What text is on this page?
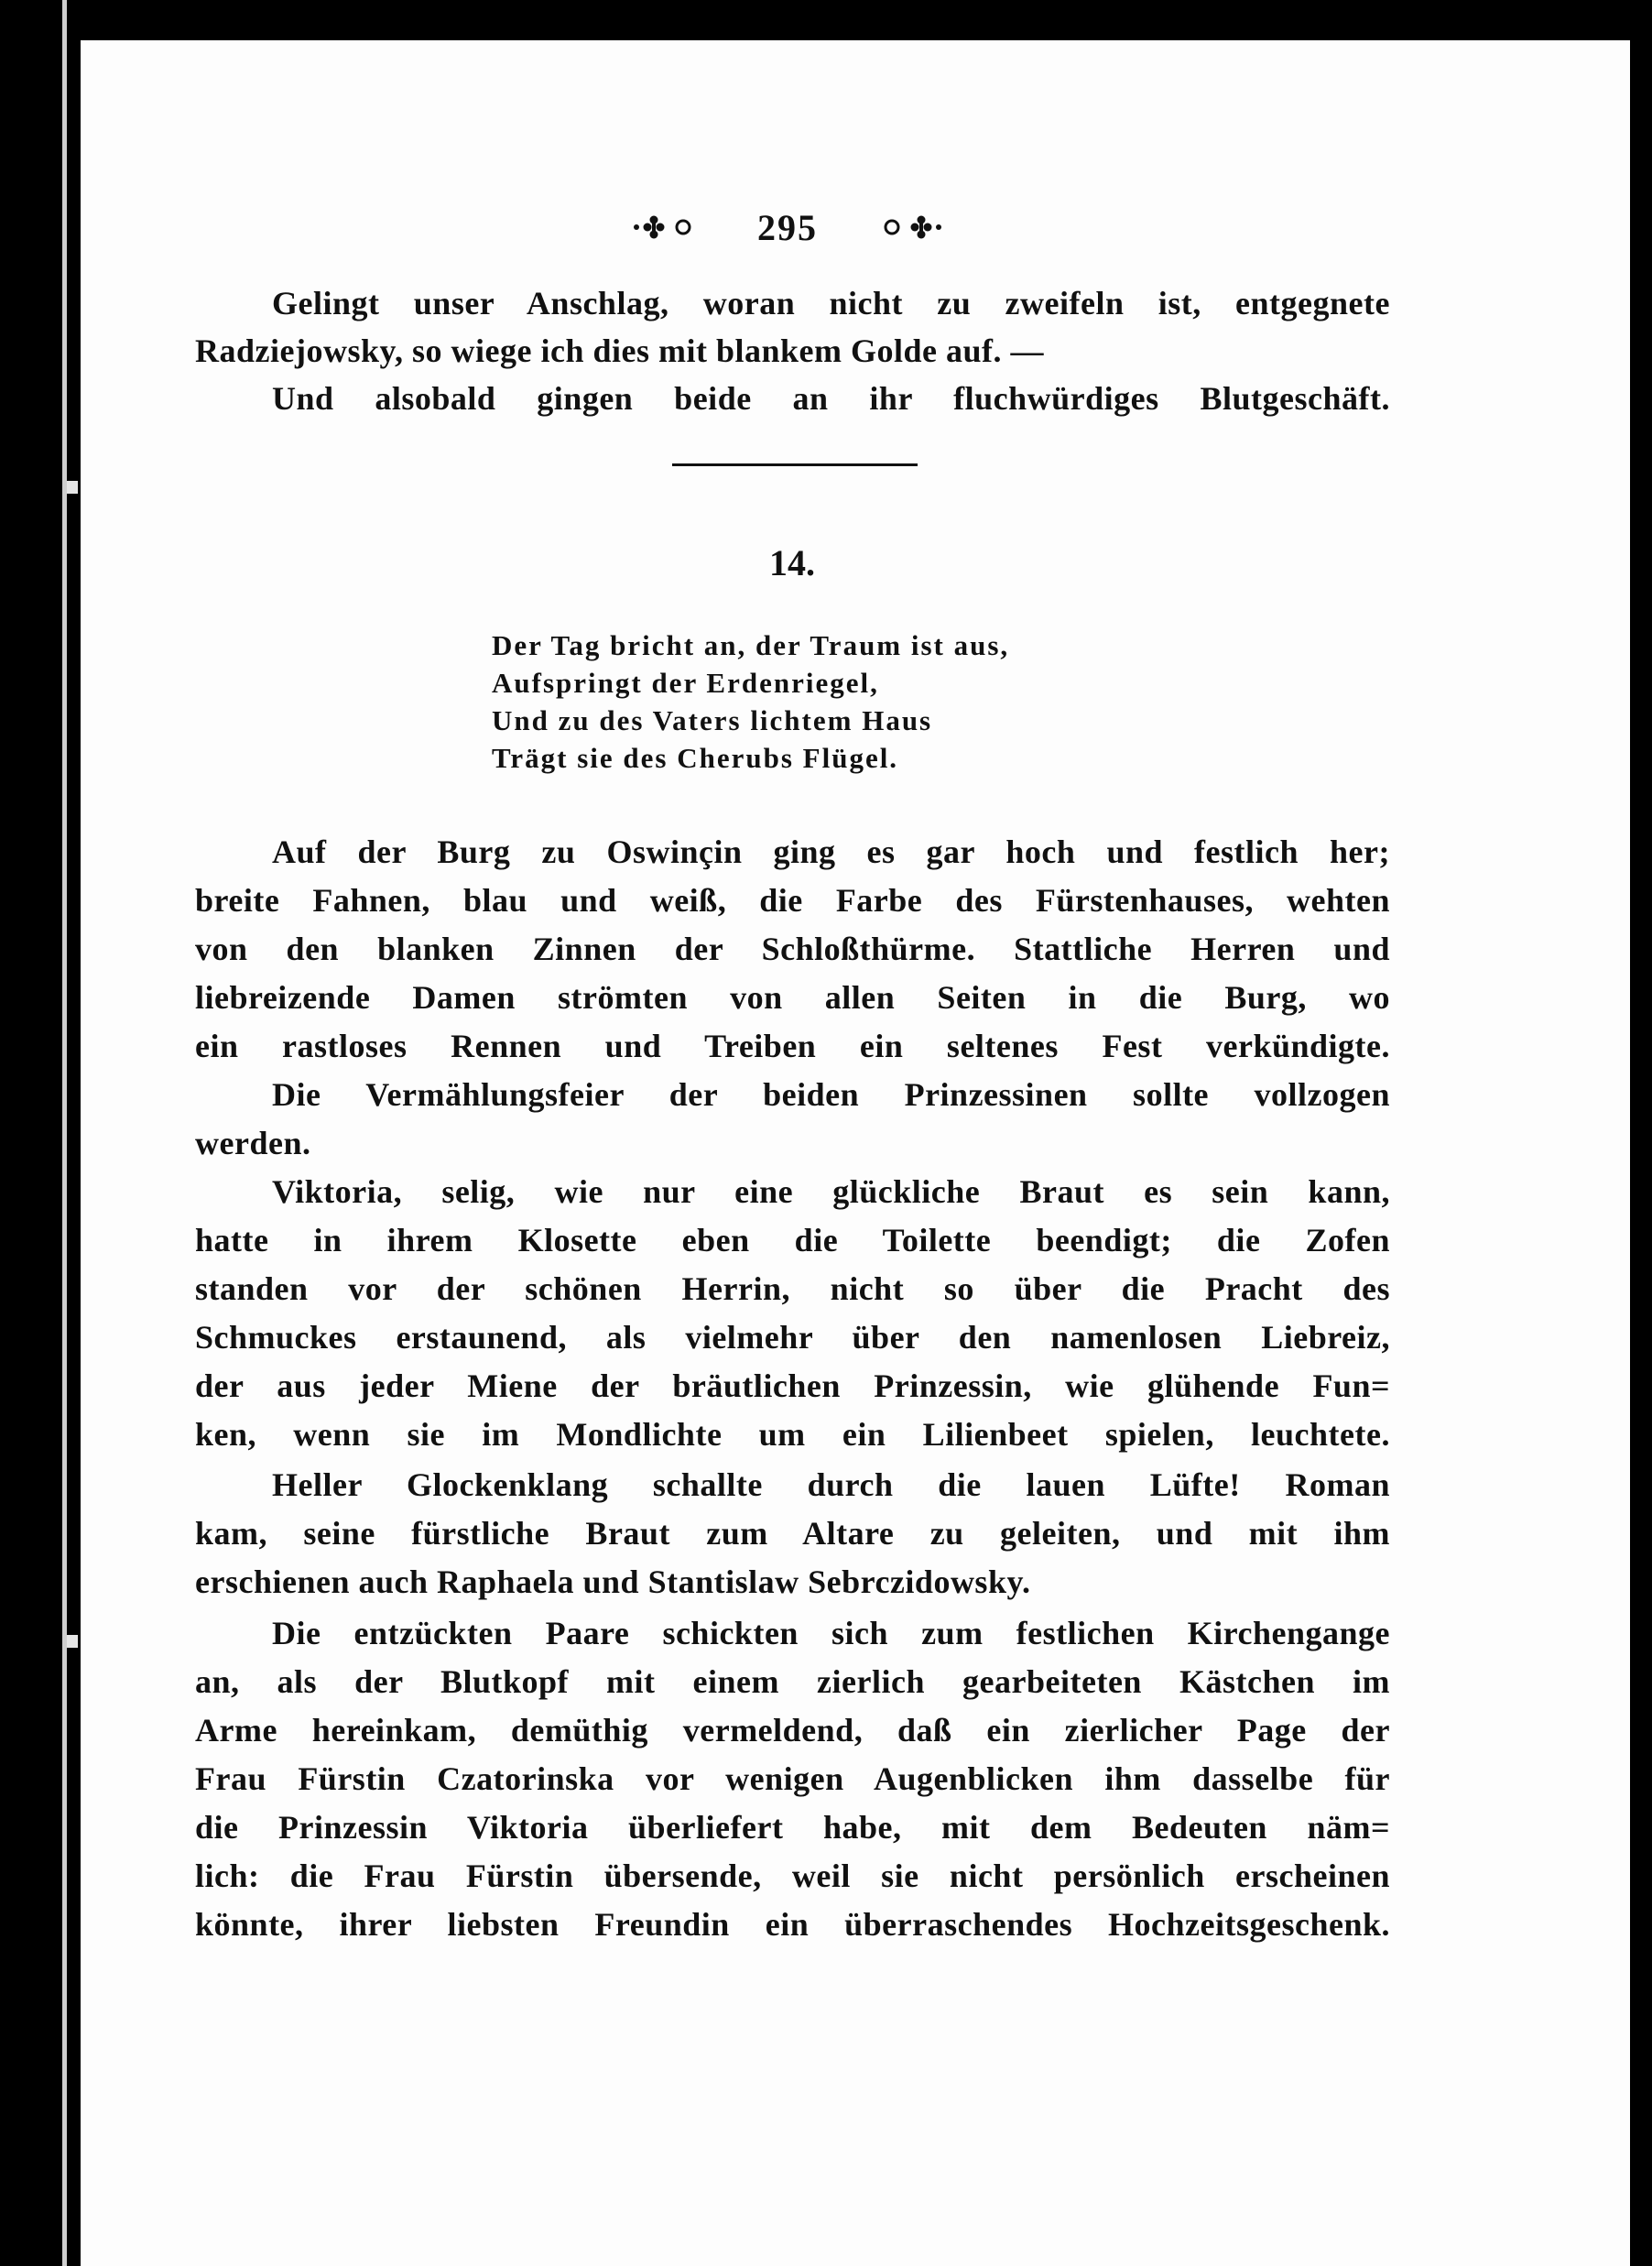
295
Gelingt unser Anschlag, woran nicht zu zweifeln ist, entgegnete
Radziejowsky, so wiege ich dies mit blankem Golde auf. —
Und alsobald gingen beide an ihr fluchwürdiges Blutgeschäft.
14.
Der Tag bricht an, der Traum ist aus,
Aufspringt der Erdenriegel,
Und zu des Vaters lichtem Haus
Trägt sie des Cherubs Flügel.
Auf der Burg zu Oswinçin ging es gar hoch und festlich her;
breite Fahnen, blau und weiß, die Farbe des Fürstenhauses, wehten
von den blanken Zinnen der Schloßthürme. Stattliche Herren und
liebreizende Damen strömten von allen Seiten in die Burg, wo
ein rastloses Rennen und Treiben ein seltenes Fest verkündigte.
Die Vermählungsfeier der beiden Prinzessinen sollte vollzogen
werden.
Viktoria, selig, wie nur eine glückliche Braut es sein kann,
hatte in ihrem Klosette eben die Toilette beendigt; die Zofen
standen vor der schönen Herrin, nicht so über die Pracht des
Schmuckes erstaunend, als vielmehr über den namenlosen Liebreiz,
der aus jeder Miene der bräutlichen Prinzessin, wie glühende Fun=
ken, wenn sie im Mondlichte um ein Lilienbeet spielen, leuchtete.
Heller Glockenklang schallte durch die lauen Lüfte! Roman
kam, seine fürstliche Braut zum Altare zu geleiten, und mit ihm
erschienen auch Raphaela und Stantislaw Sebrczidowsky.
Die entzückten Paare schickten sich zum festlichen Kirchengange
an, als der Blutkopf mit einem zierlich gearbeiteten Kästchen im
Arme hereinkam, demüthig vermeldend, daß ein zierlicher Page der
Frau Fürstin Czatorinska vor wenigen Augenblicken ihm dasselbe für
die Prinzessin Viktoria überliefert habe, mit dem Bedeuten näm=
lich: die Frau Fürstin übersende, weil sie nicht persönlich erscheinen
könnte, ihrer liebsten Freundin ein überraschendes Hochzeitsgeschenk.
